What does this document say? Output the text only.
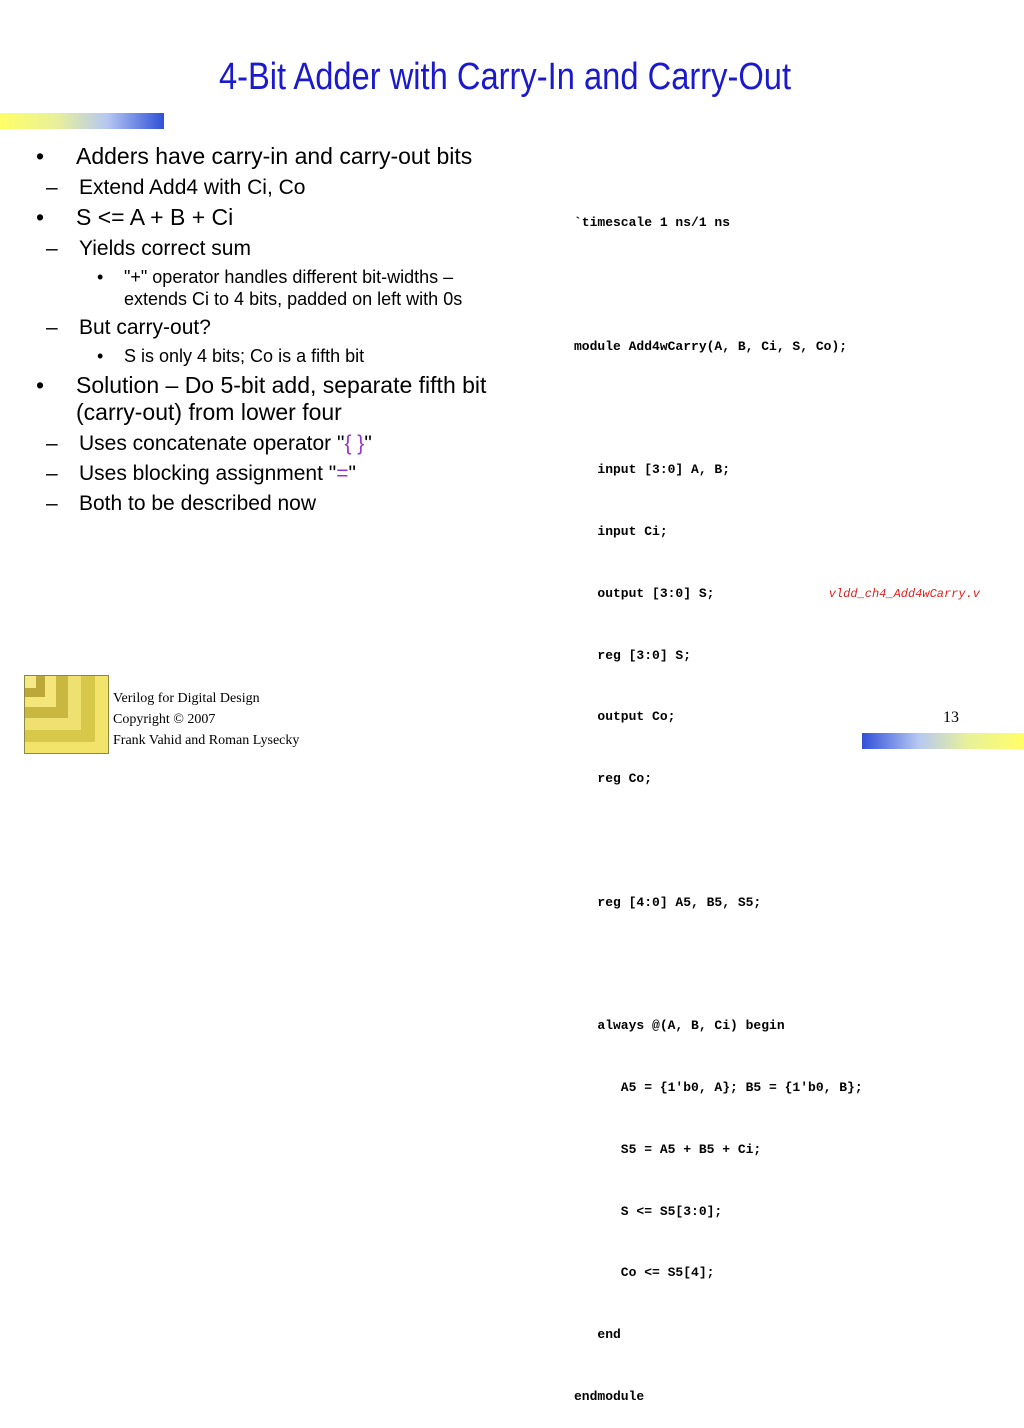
4-Bit Adder with Carry-In and Carry-Out
• Adders have carry-in and carry-out bits
– Extend Add4 with Ci, Co
• S <= A + B + Ci
– Yields correct sum
• "+" operator handles different bit-widths – extends Ci to 4 bits, padded on left with 0s
– But carry-out?
• S is only 4 bits; Co is a fifth bit
• Solution – Do 5-bit add, separate fifth bit (carry-out) from lower four
– Uses concatenate operator "{ }"
– Uses blocking assignment "="
– Both to be described now

`timescale 1 ns/1 ns

module Add4wCarry(A, B, Ci, S, Co);

input [3:0] A, B;

input Ci;

output [3:0] S;

reg [3:0] S;

output Co;

reg Co;

reg [4:0] A5, B5, S5;

always @(A, B, Ci) begin

A5 = {1'b0, A}; B5 = {1'b0, B};

S5 = A5 + B5 + Ci;

S <= S5[3:0];

Co <= S5[4];

end

endmodule

vldd_ch4_Add4wCarry.v
Verilog for Digital Design
Copyright © 2007
Frank Vahid and Roman Lysecky
13
